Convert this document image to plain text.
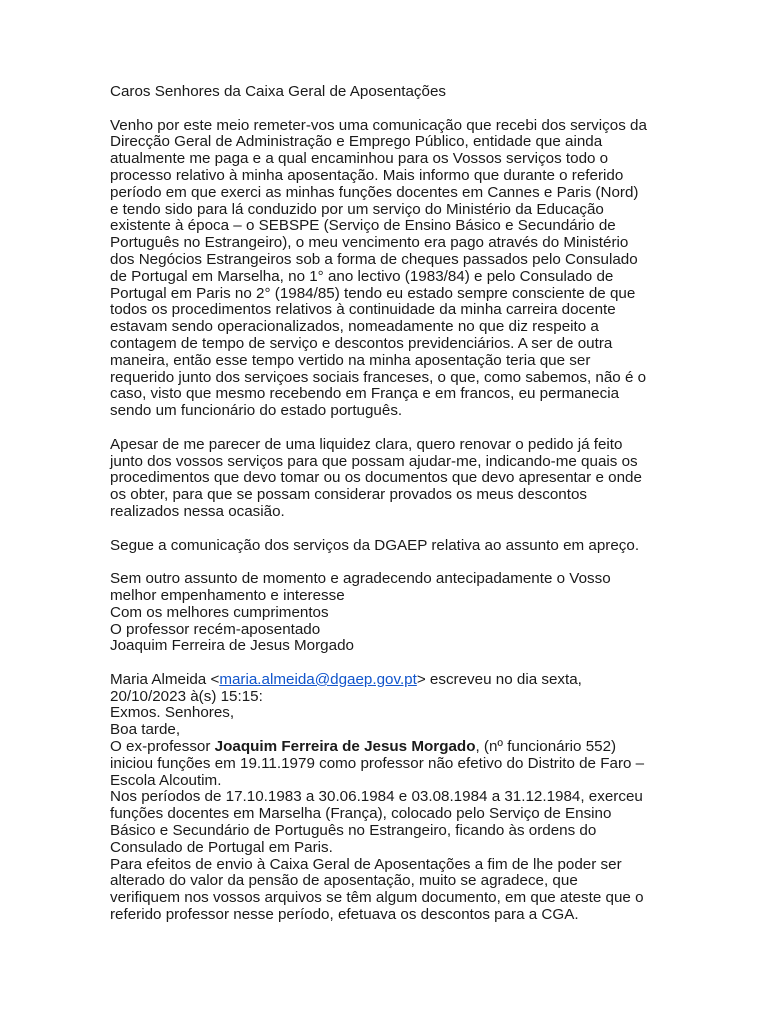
Caros Senhores da Caixa Geral de Aposentações
Venho por este meio remeter-vos uma comunicação que recebi dos serviços da
Direcção Geral de Administração e Emprego Público, entidade que ainda
atualmente me paga e a qual encaminhou para os Vossos serviços todo o
processo relativo à minha aposentação. Mais informo que durante o referido
período em que exerci as minhas funções docentes em Cannes e Paris (Nord)
e tendo sido para lá conduzido por um serviço do Ministério da Educação
existente à época – o SEBSPE (Serviço de Ensino Básico e Secundário de
Português no Estrangeiro), o meu vencimento era pago através do Ministério
dos Negócios Estrangeiros sob a forma de cheques passados pelo Consulado
de Portugal em Marselha, no 1° ano lectivo (1983/84) e pelo Consulado de
Portugal em Paris no 2° (1984/85) tendo eu estado sempre consciente de que
todos os procedimentos relativos à continuidade da minha carreira docente
estavam sendo operacionalizados, nomeadamente no que diz respeito a
contagem de tempo de serviço e descontos previdenciários. A ser de outra
maneira, então esse tempo vertido na minha aposentação teria que ser
requerido junto dos serviçoes sociais franceses, o que, como sabemos, não é o
caso, visto que mesmo recebendo em França e em francos, eu permanecia
sendo um funcionário do estado português.
Apesar de me parecer de uma liquidez clara, quero renovar o pedido já feito
junto dos vossos serviços para que possam ajudar-me, indicando-me quais os
procedimentos que devo tomar ou os documentos que devo apresentar e onde
os obter, para que se possam considerar provados os meus descontos
realizados nessa ocasião.
Segue a comunicação dos serviços da DGAEP relativa ao assunto em apreço.
Sem outro assunto de momento e agradecendo antecipadamente o Vosso
melhor empenhamento e interesse
Com os melhores cumprimentos
O professor recém-aposentado
Joaquim Ferreira de Jesus Morgado
Maria Almeida <maria.almeida@dgaep.gov.pt> escreveu no dia sexta,
20/10/2023 à(s) 15:15:
Exmos. Senhores,
Boa tarde,
O ex-professor Joaquim Ferreira de Jesus Morgado, (nº funcionário 552)
iniciou funções em 19.11.1979 como professor não efetivo do Distrito de Faro –
Escola Alcoutim.
Nos períodos de 17.10.1983 a 30.06.1984 e 03.08.1984 a 31.12.1984, exerceu
funções docentes em Marselha (França), colocado pelo Serviço de Ensino
Básico e Secundário de Português no Estrangeiro, ficando às ordens do
Consulado de Portugal em Paris.
Para efeitos de envio à Caixa Geral de Aposentações a fim de lhe poder ser
alterado do valor da pensão de aposentação, muito se agradece, que
verifiquem nos vossos arquivos se têm algum documento, em que ateste que o
referido professor nesse período, efetuava os descontos para a CGA.
